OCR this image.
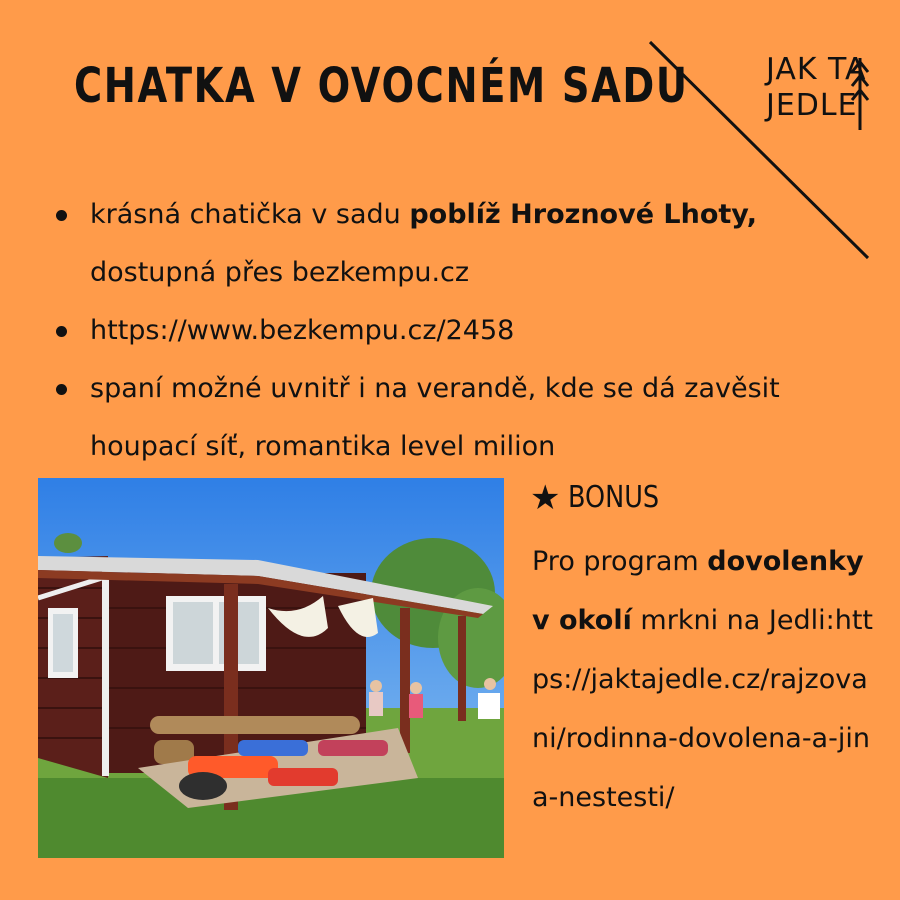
CHATKA V OVOCNÉM SADU	JAK TA
JEDLE
krásná chatička v sadu poblíž Hroznové Lhoty, dostupná přes bezkempu.cz
https://www.bezkempu.cz/2458
spaní možné uvnitř i na verandě, kde se dá zavěsit houpací síť, romantika level milion
★ BONUS
Pro program dovolenky v okolí mrkni na Jedli:https://jaktajedle.cz/rajzovani/rodinna-dovolena-a-jina-nestesti/
